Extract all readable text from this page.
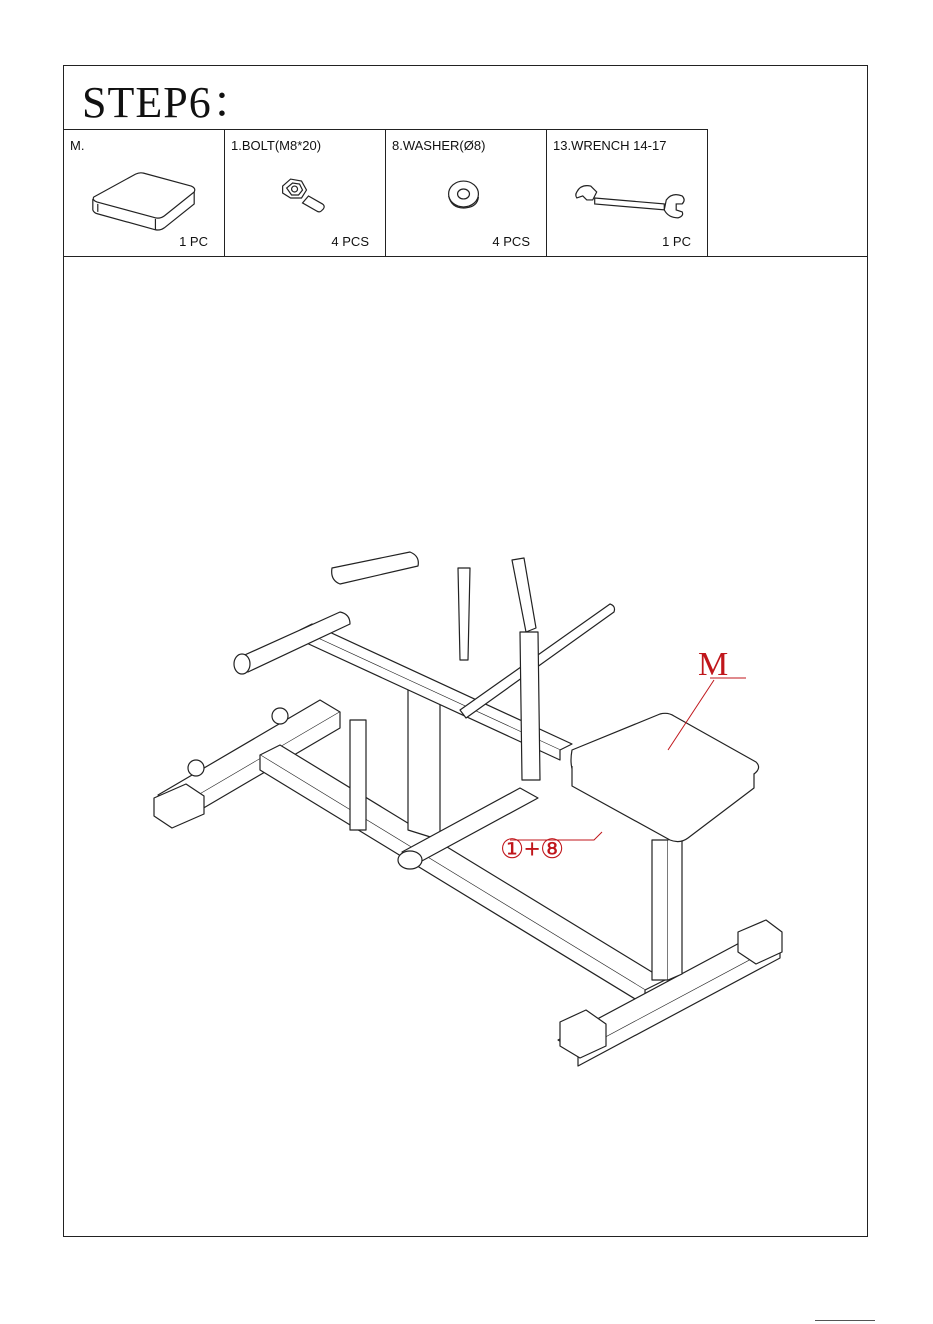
STEP6：
M.
1 PC
1.BOLT(M8*20)
4 PCS
8.WASHER(Ø8)
4 PCS
13.WRENCH 14-17
1 PC
M
①+⑧
